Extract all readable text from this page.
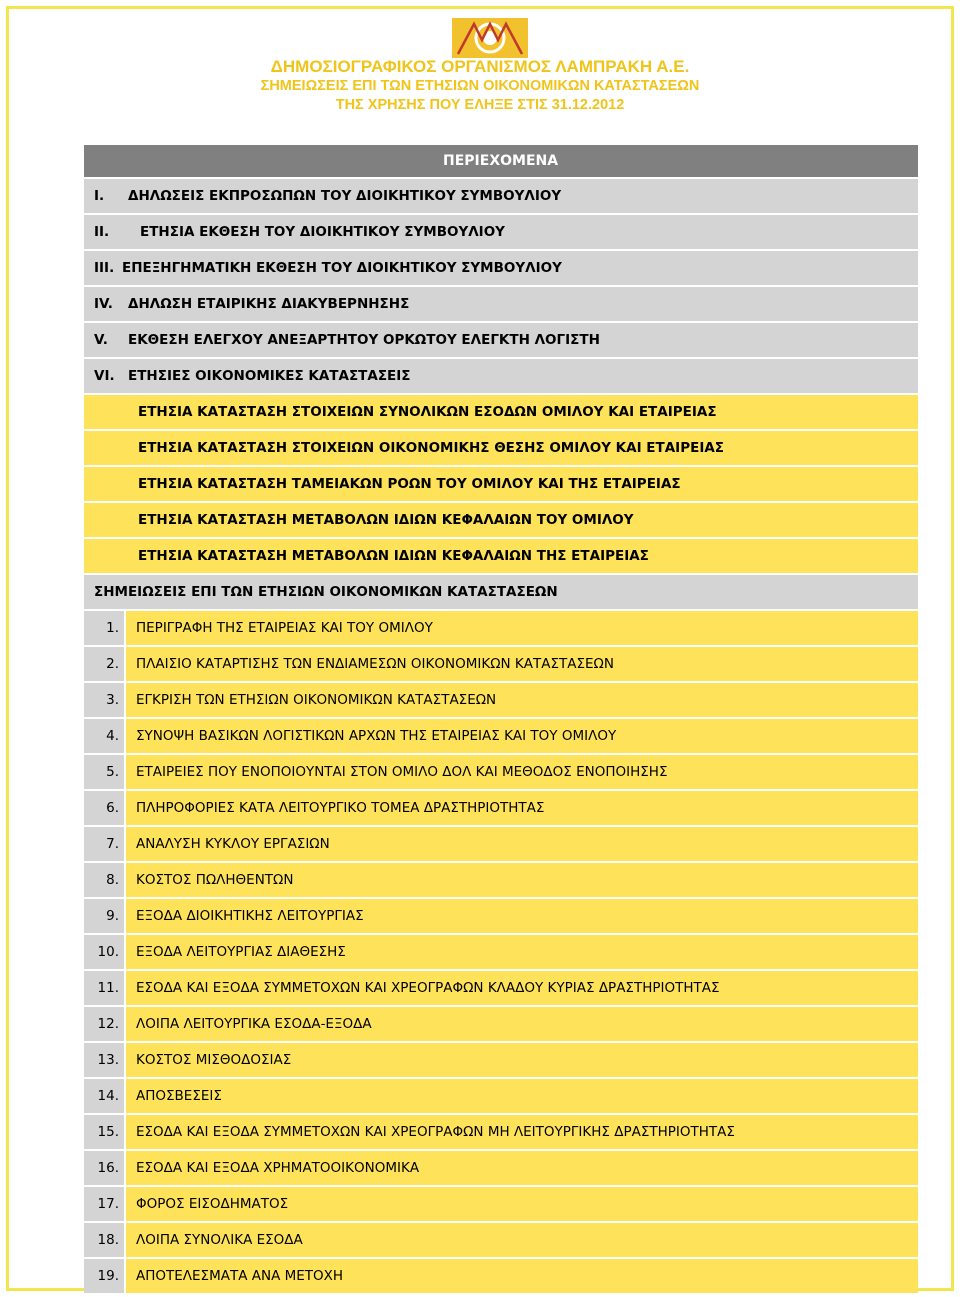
ΔΗΜΟΣΙΟΓΡΑΦΙΚΟΣ ΟΡΓΑΝΙΣΜΟΣ ΛΑΜΠΡΑΚΗ Α.Ε.
ΣΗΜΕΙΩΣΕΙΣ ΕΠΙ ΤΩΝ ΕΤΗΣΙΩΝ ΟΙΚΟΝΟΜΙΚΩΝ ΚΑΤΑΣΤΑΣΕΩΝ
ΤΗΣ ΧΡΗΣΗΣ ΠΟΥ ΕΛΗΞΕ ΣΤΙΣ 31.12.2012
ΠΕΡΙΕΧΟΜΕΝΑ
I.	ΔΗΛΩΣΕΙΣ ΕΚΠΡΟΣΩΠΩΝ ΤΟΥ ΔΙΟΙΚΗΤΙΚΟΥ ΣΥΜΒΟΥΛΙΟΥ
II.	ΕΤΗΣΙΑ ΕΚΘΕΣΗ ΤΟΥ ΔΙΟΙΚΗΤΙΚΟΥ ΣΥΜΒΟΥΛΙΟΥ
III. ΕΠΕΞΗΓΗΜΑΤΙΚΗ ΕΚΘΕΣΗ ΤΟΥ ΔΙΟΙΚΗΤΙΚΟΥ ΣΥΜΒΟΥΛΙΟΥ
IV.	ΔΗΛΩΣΗ ΕΤΑΙΡΙΚΗΣ ΔΙΑΚΥΒΕΡΝΗΣΗΣ
V.	ΕΚΘΕΣΗ ΕΛΕΓΧΟΥ ΑΝΕΞΑΡΤΗΤΟΥ ΟΡΚΩΤΟΥ ΕΛΕΓΚΤΗ ΛΟΓΙΣΤΗ
VI. ΕΤΗΣΙΕΣ ΟΙΚΟΝΟΜΙΚΕΣ ΚΑΤΑΣΤΑΣΕΙΣ
ΕΤΗΣΙΑ ΚΑΤΑΣΤΑΣΗ ΣΤΟΙΧΕΙΩΝ ΣΥΝΟΛΙΚΩΝ ΕΣΟΔΩΝ ΟΜΙΛΟΥ ΚΑΙ ΕΤΑΙΡΕΙΑΣ
ΕΤΗΣΙΑ ΚΑΤΑΣΤΑΣΗ ΣΤΟΙΧΕΙΩΝ ΟΙΚΟΝΟΜΙΚΗΣ ΘΕΣΗΣ ΟΜΙΛΟΥ ΚΑΙ ΕΤΑΙΡΕΙΑΣ
ΕΤΗΣΙΑ ΚΑΤΑΣΤΑΣΗ ΤΑΜΕΙΑΚΩΝ ΡΟΩΝ ΤΟΥ ΟΜΙΛΟΥ ΚΑΙ ΤΗΣ ΕΤΑΙΡΕΙΑΣ
ΕΤΗΣΙΑ ΚΑΤΑΣΤΑΣΗ ΜΕΤΑΒΟΛΩΝ ΙΔΙΩΝ ΚΕΦΑΛΑΙΩΝ ΤΟΥ ΟΜΙΛΟΥ
ΕΤΗΣΙΑ ΚΑΤΑΣΤΑΣΗ ΜΕΤΑΒΟΛΩΝ ΙΔΙΩΝ ΚΕΦΑΛΑΙΩΝ ΤΗΣ ΕΤΑΙΡΕΙΑΣ
ΣΗΜΕΙΩΣΕΙΣ ΕΠΙ ΤΩΝ ΕΤΗΣΙΩΝ ΟΙΚΟΝΟΜΙΚΩΝ ΚΑΤΑΣΤΑΣΕΩΝ
1.	ΠΕΡΙΓΡΑΦΗ ΤΗΣ ΕΤΑΙΡΕΙΑΣ ΚΑΙ ΤΟΥ ΟΜΙΛΟΥ
2.	ΠΛΑΙΣΙΟ ΚΑΤΑΡΤΙΣΗΣ ΤΩΝ ΕΝΔΙΑΜΕΣΩΝ ΟΙΚΟΝΟΜΙΚΩΝ ΚΑΤΑΣΤΑΣΕΩΝ
3.	ΕΓΚΡΙΣΗ ΤΩΝ ΕΤΗΣΙΩΝ ΟΙΚΟΝΟΜΙΚΩΝ ΚΑΤΑΣΤΑΣΕΩΝ
4.	ΣΥΝΟΨΗ ΒΑΣΙΚΩΝ ΛΟΓΙΣΤΙΚΩΝ ΑΡΧΩΝ ΤΗΣ ΕΤΑΙΡΕΙΑΣ ΚΑΙ ΤΟΥ ΟΜΙΛΟΥ
5.	ΕΤΑΙΡΕΙΕΣ ΠΟΥ ΕΝΟΠΟΙΟΥΝΤΑΙ ΣΤΟΝ ΟΜΙΛΟ ΔΟΛ ΚΑΙ ΜΕΘΟΔΟΣ ΕΝΟΠΟΙΗΣΗΣ
6.	ΠΛΗΡΟΦΟΡΙΕΣ ΚΑΤΑ ΛΕΙΤΟΥΡΓΙΚΟ ΤΟΜΕΑ ΔΡΑΣΤΗΡΙΟΤΗΤΑΣ
7.	ΑΝΑΛΥΣΗ ΚΥΚΛΟΥ ΕΡΓΑΣΙΩΝ
8.	ΚΟΣΤΟΣ ΠΩΛΗΘΕΝΤΩΝ
9.	ΕΞΟΔΑ ΔΙΟΙΚΗΤΙΚΗΣ ΛΕΙΤΟΥΡΓΙΑΣ
10.	ΕΞΟΔΑ ΛΕΙΤΟΥΡΓΙΑΣ ΔΙΑΘΕΣΗΣ
11.	ΕΣΟΔΑ ΚΑΙ ΕΞΟΔΑ ΣΥΜΜΕΤΟΧΩΝ ΚΑΙ ΧΡΕΟΓΡΑΦΩΝ ΚΛΑΔΟΥ ΚΥΡΙΑΣ ΔΡΑΣΤΗΡΙΟΤΗΤΑΣ
12.	ΛΟΙΠΑ ΛΕΙΤΟΥΡΓΙΚΑ ΕΣΟΔΑ-ΕΞΟΔΑ
13.	ΚΟΣΤΟΣ ΜΙΣΘΟΔΟΣΙΑΣ
14.	ΑΠΟΣΒΕΣΕΙΣ
15.	ΕΣΟΔΑ ΚΑΙ ΕΞΟΔΑ ΣΥΜΜΕΤΟΧΩΝ ΚΑΙ ΧΡΕΟΓΡΑΦΩΝ ΜΗ ΛΕΙΤΟΥΡΓΙΚΗΣ ΔΡΑΣΤΗΡΙΟΤΗΤΑΣ
16.	ΕΣΟΔΑ ΚΑΙ ΕΞΟΔΑ ΧΡΗΜΑΤΟΟΙΚΟΝΟΜΙΚΑ
17.	ΦΟΡΟΣ ΕΙΣΟΔΗΜΑΤΟΣ
18.	ΛΟΙΠΑ ΣΥΝΟΛΙΚΑ ΕΣΟΔΑ
19.	ΑΠΟΤΕΛΕΣΜΑΤΑ ΑΝΑ ΜΕΤΟΧΗ
